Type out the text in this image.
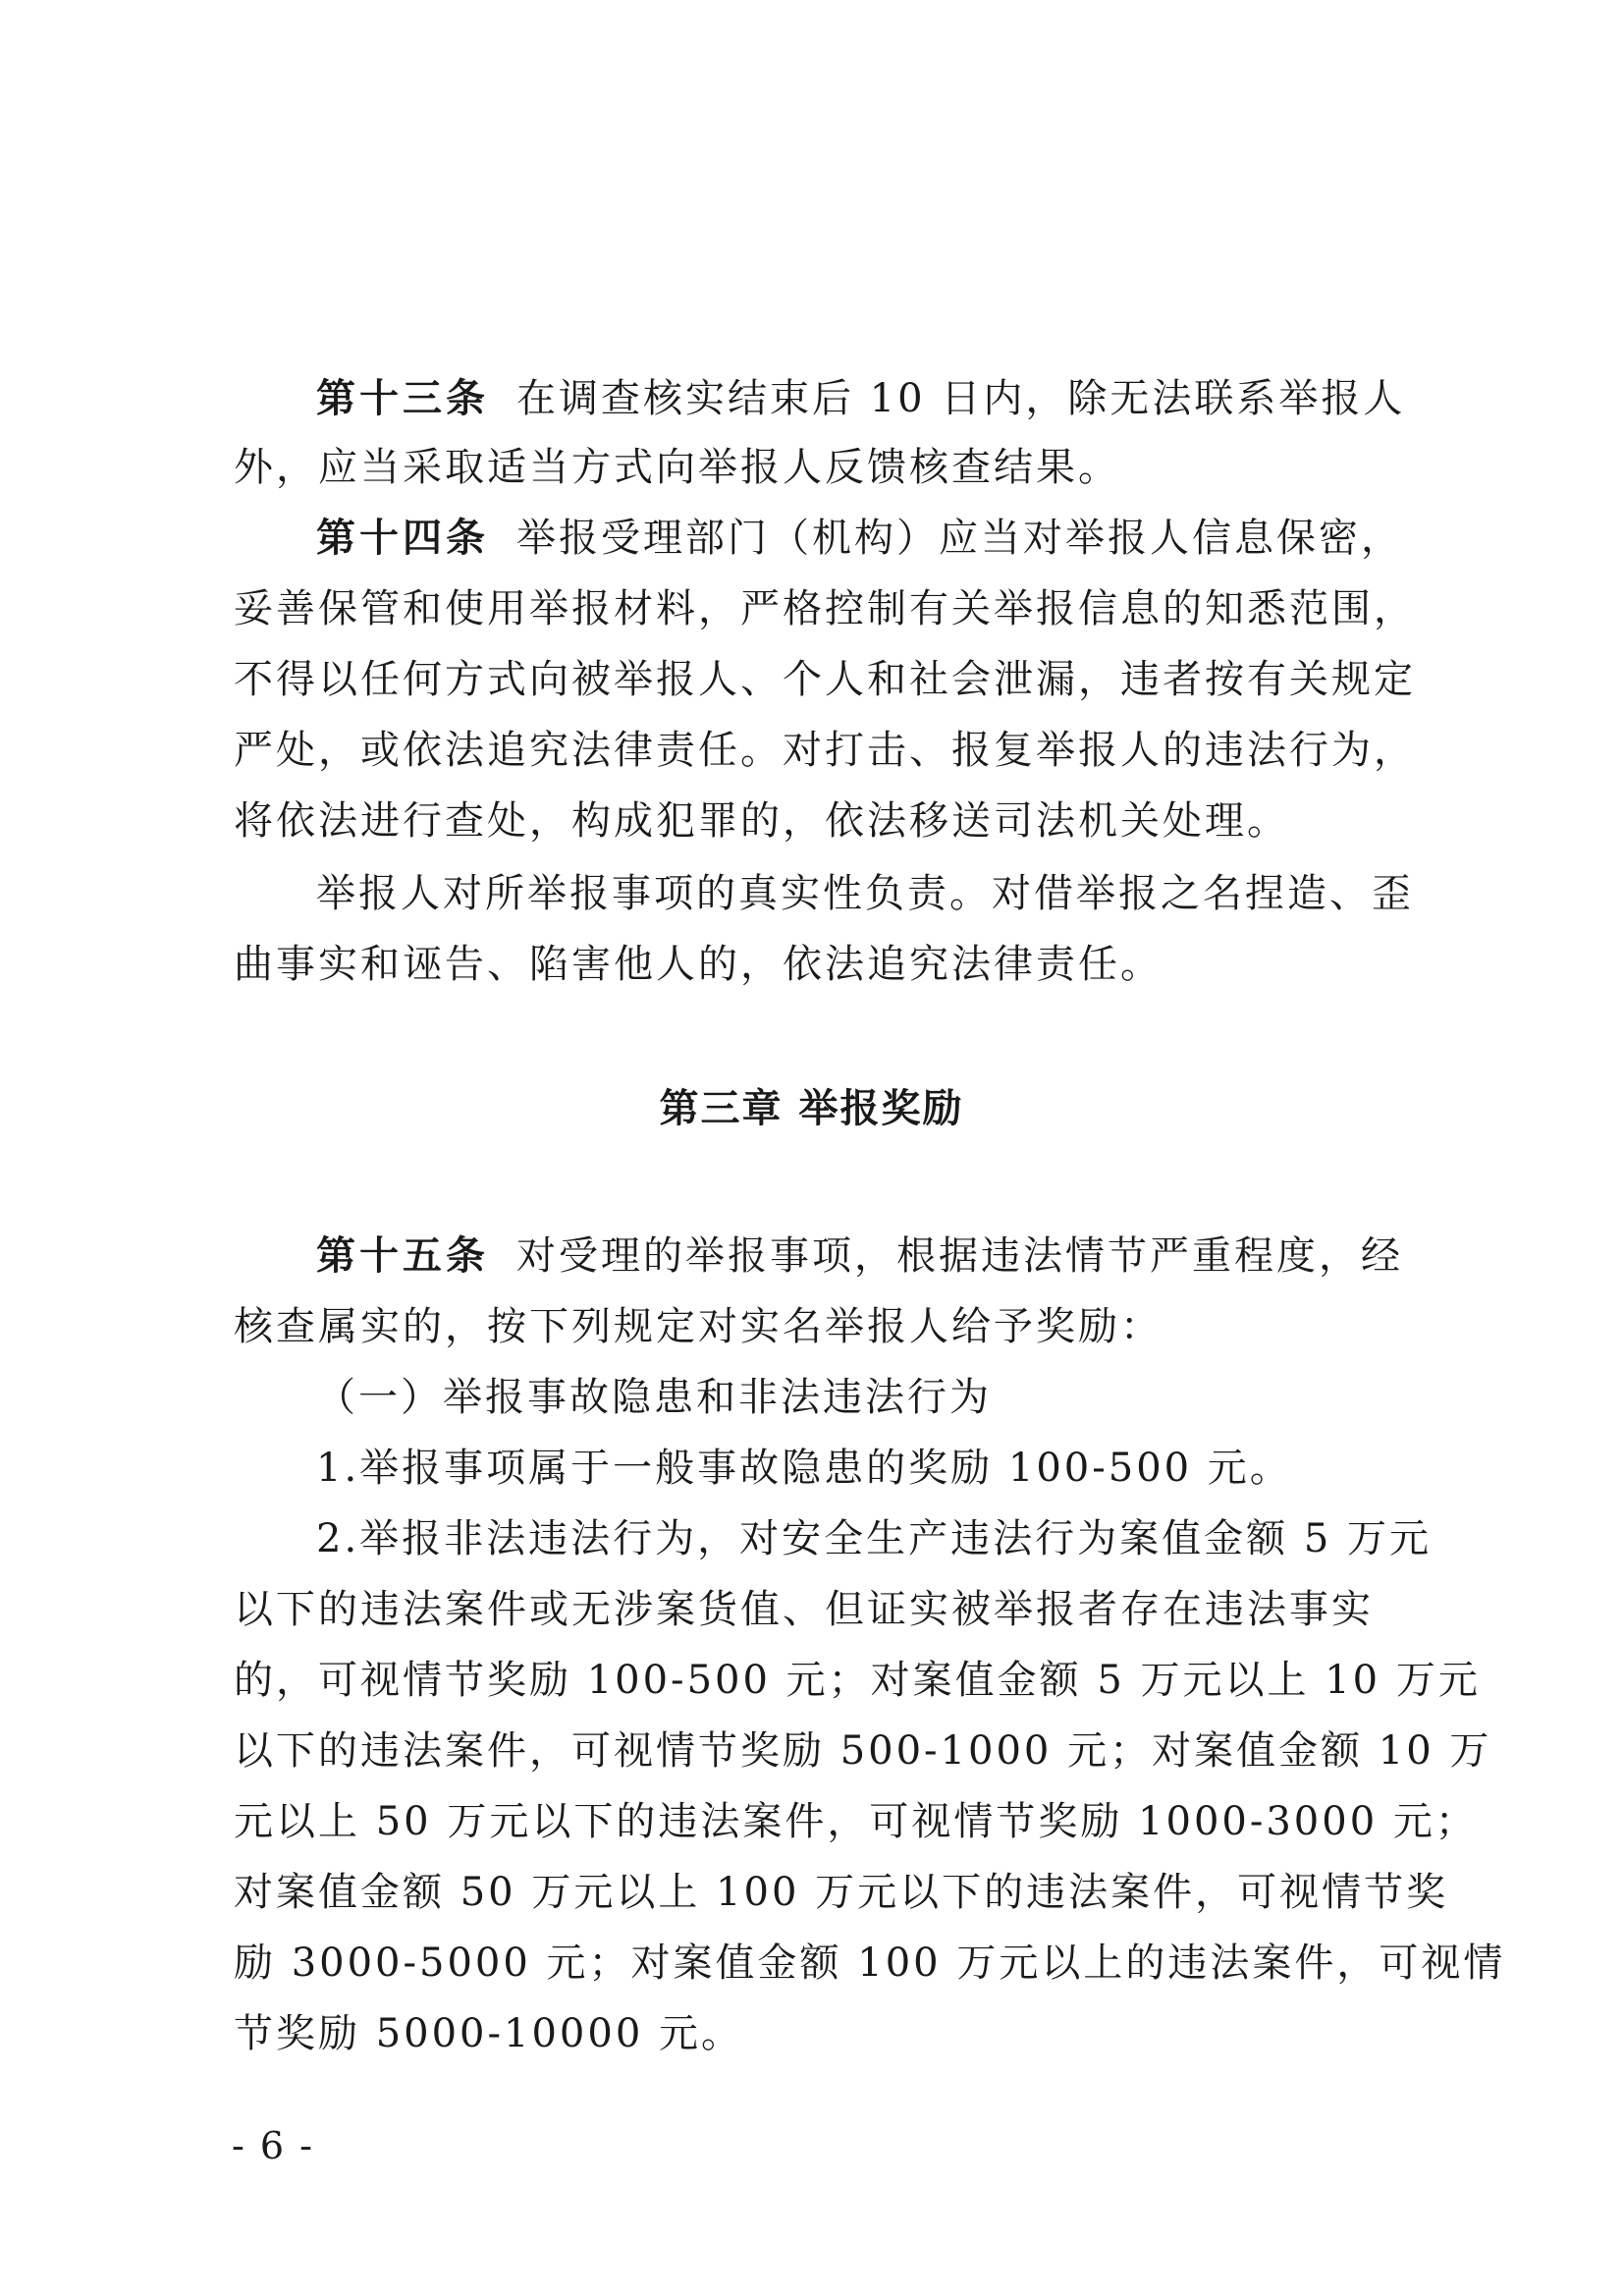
第十三条 在调查核实结束后 10 日内，除无法联系举报人
外，应当采取适当方式向举报人反馈核查结果。
第十四条 举报受理部门（机构）应当对举报人信息保密，
妥善保管和使用举报材料，严格控制有关举报信息的知悉范围，
不得以任何方式向被举报人、个人和社会泄漏，违者按有关规定
严处，或依法追究法律责任。对打击、报复举报人的违法行为，
将依法进行查处，构成犯罪的，依法移送司法机关处理。
举报人对所举报事项的真实性负责。对借举报之名捏造、歪
曲事实和诬告、陷害他人的，依法追究法律责任。
第三章 举报奖励
第十五条 对受理的举报事项，根据违法情节严重程度，经
核查属实的，按下列规定对实名举报人给予奖励：
（一）举报事故隐患和非法违法行为
1.举报事项属于一般事故隐患的奖励 100-500 元。
2.举报非法违法行为，对安全生产违法行为案值金额 5 万元
以下的违法案件或无涉案货值、但证实被举报者存在违法事实
的，可视情节奖励 100-500 元；对案值金额 5 万元以上 10 万元
以下的违法案件，可视情节奖励 500-1000 元；对案值金额 10 万
元以上 50 万元以下的违法案件，可视情节奖励 1000-3000 元；
对案值金额 50 万元以上 100 万元以下的违法案件，可视情节奖
励 3000-5000 元；对案值金额 100 万元以上的违法案件，可视情
节奖励 5000-10000 元。
- 6 -
